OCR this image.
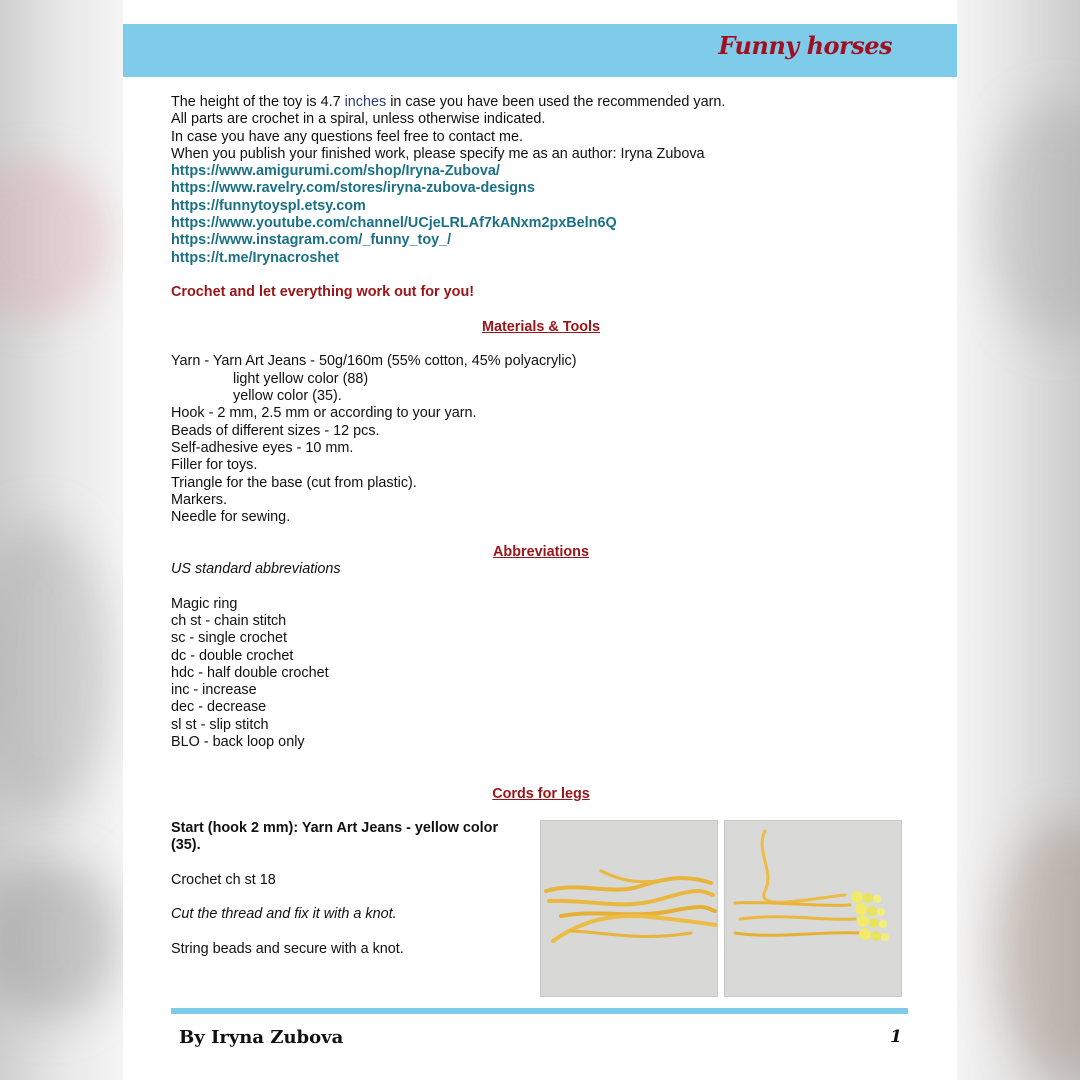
Funny horses
The height of the toy is 4.7 inches in case you have been used the recommended yarn.
All parts are crochet in a spiral, unless otherwise indicated.
In case you have any questions feel free to contact me.
When you publish your finished work, please specify me as an author: Iryna Zubova
https://www.amigurumi.com/shop/Iryna-Zubova/
https://www.ravelry.com/stores/iryna-zubova-designs
https://funnytoyspl.etsy.com
https://www.youtube.com/channel/UCjeLRLAf7kANxm2pxBeln6Q
https://www.instagram.com/_funny_toy_/
https://t.me/Irynacroshet
Crochet and let everything work out for you!
Materials & Tools
Yarn - Yarn Art Jeans - 50g/160m (55% cotton, 45% polyacrylic)
light yellow color (88)
yellow color (35).
Hook - 2 mm, 2.5 mm or according to your yarn.
Beads of different sizes - 12 pcs.
Self-adhesive eyes - 10 mm.
Filler for toys.
Triangle for the base (cut from plastic).
Markers.
Needle for sewing.
Abbreviations
US standard abbreviations
Magic ring
ch st - chain stitch
sc - single crochet
dc - double crochet
hdc - half double crochet
inc - increase
dec - decrease
sl st - slip stitch
BLO - back loop only
Cords for legs
Start (hook 2 mm): Yarn Art Jeans - yellow color
(35).
Crochet ch st 18
Cut the thread and fix it with a knot.
String beads and secure with a knot.
By Iryna Zubova	1
